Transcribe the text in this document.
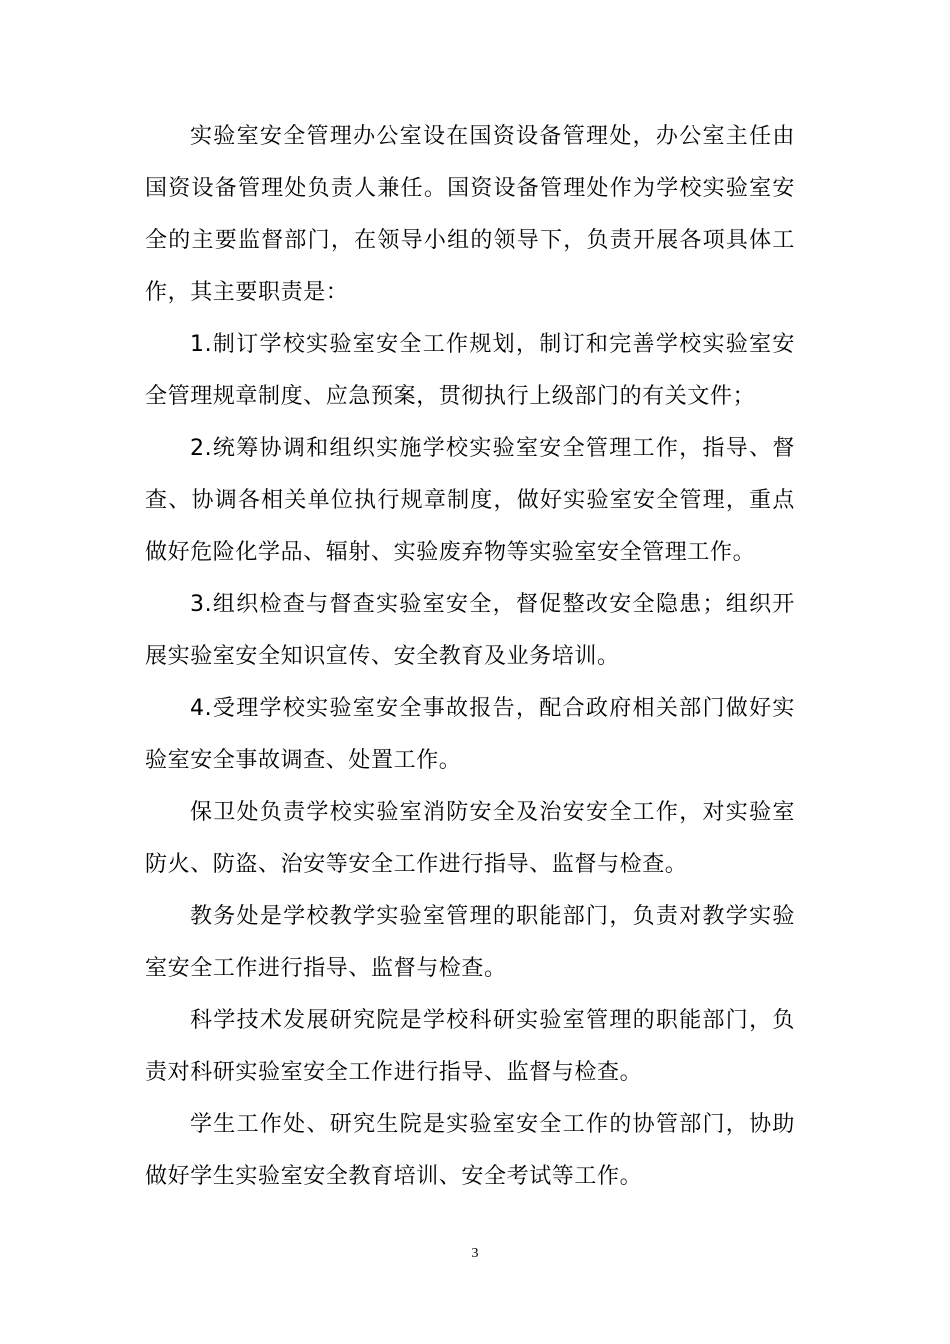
实验室安全管理办公室设在国资设备管理处，办公室主任由国资设备管理处负责人兼任。国资设备管理处作为学校实验室安全的主要监督部门，在领导小组的领导下，负责开展各项具体工作，其主要职责是：

1.制订学校实验室安全工作规划，制订和完善学校实验室安全管理规章制度、应急预案，贯彻执行上级部门的有关文件；

2.统筹协调和组织实施学校实验室安全管理工作，指导、督查、协调各相关单位执行规章制度，做好实验室安全管理，重点做好危险化学品、辐射、实验废弃物等实验室安全管理工作。

3.组织检查与督查实验室安全，督促整改安全隐患；组织开展实验室安全知识宣传、安全教育及业务培训。

4.受理学校实验室安全事故报告，配合政府相关部门做好实验室安全事故调查、处置工作。

保卫处负责学校实验室消防安全及治安安全工作，对实验室防火、防盗、治安等安全工作进行指导、监督与检查。

教务处是学校教学实验室管理的职能部门，负责对教学实验室安全工作进行指导、监督与检查。

科学技术发展研究院是学校科研实验室管理的职能部门，负责对科研实验室安全工作进行指导、监督与检查。

学生工作处、研究生院是实验室安全工作的协管部门，协助做好学生实验室安全教育培训、安全考试等工作。

3
